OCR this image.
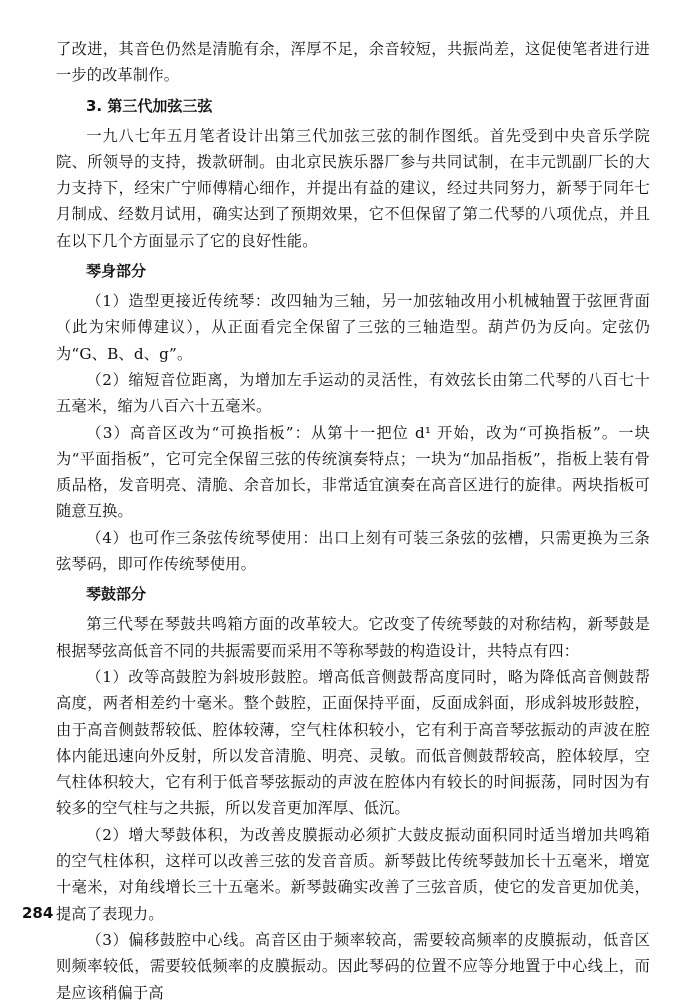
了改进，其音色仍然是清脆有余，浑厚不足，余音较短，共振尚差，这促使笔者进行进一步的改革制作。

3. 第三代加弦三弦

一九八七年五月笔者设计出第三代加弦三弦的制作图纸。首先受到中央音乐学院院、所领导的支持，拨款研制。由北京民族乐器厂参与共同试制，在丰元凯副厂长的大力支持下，经宋广宁师傅精心细作，并提出有益的建议，经过共同努力，新琴于同年七月制成、经数月试用，确实达到了预期效果，它不但保留了第二代琴的八项优点，并且在以下几个方面显示了它的良好性能。

琴身部分

（1）造型更接近传统琴：改四轴为三轴，另一加弦轴改用小机械轴置于弦匣背面（此为宋师傅建议），从正面看完全保留了三弦的三轴造型。葫芦仍为反向。定弦仍为“G、B、d、g”。

（2）缩短音位距离，为增加左手运动的灵活性，有效弦长由第二代琴的八百七十五毫米，缩为八百六十五毫米。

（3）高音区改为“可换指板”：从第十一把位 d¹ 开始，改为“可换指板”。一块为“平面指板”，它可完全保留三弦的传统演奏特点；一块为“加品指板”，指板上装有骨质品格，发音明亮、清脆、余音加长，非常适宜演奏在高音区进行的旋律。两块指板可随意互换。

（4）也可作三条弦传统琴使用：出口上刻有可装三条弦的弦槽，只需更换为三条弦琴码，即可作传统琴使用。

琴鼓部分

第三代琴在琴鼓共鸣箱方面的改革较大。它改变了传统琴鼓的对称结构，新琴鼓是根据琴弦高低音不同的共振需要而采用不等称琴鼓的构造设计，共特点有四：

（1）改等高鼓腔为斜坡形鼓腔。增高低音侧鼓帮高度同时，略为降低高音侧鼓帮高度，两者相差约十毫米。整个鼓腔，正面保持平面，反面成斜面，形成斜坡形鼓腔，由于高音侧鼓帮较低、腔体较薄，空气柱体积较小，它有利于高音琴弦振动的声波在腔体内能迅速向外反射，所以发音清脆、明亮、灵敏。而低音侧鼓帮较高，腔体较厚，空气柱体积较大，它有利于低音琴弦振动的声波在腔体内有较长的时间振荡，同时因为有较多的空气柱与之共振，所以发音更加浑厚、低沉。

（2）增大琴鼓体积，为改善皮膜振动必须扩大鼓皮振动面积同时适当增加共鸣箱的空气柱体积，这样可以改善三弦的发音音质。新琴鼓比传统琴鼓加长十五毫米，增宽十毫米，对角线增长三十五毫米。新琴鼓确实改善了三弦音质，使它的发音更加优美，提高了表现力。

（3）偏移鼓腔中心线。高音区由于频率较高，需要较高频率的皮膜振动，低音区则频率较低，需要较低频率的皮膜振动。因此琴码的位置不应等分地置于中心线上，而是应该稍偏于高

284
